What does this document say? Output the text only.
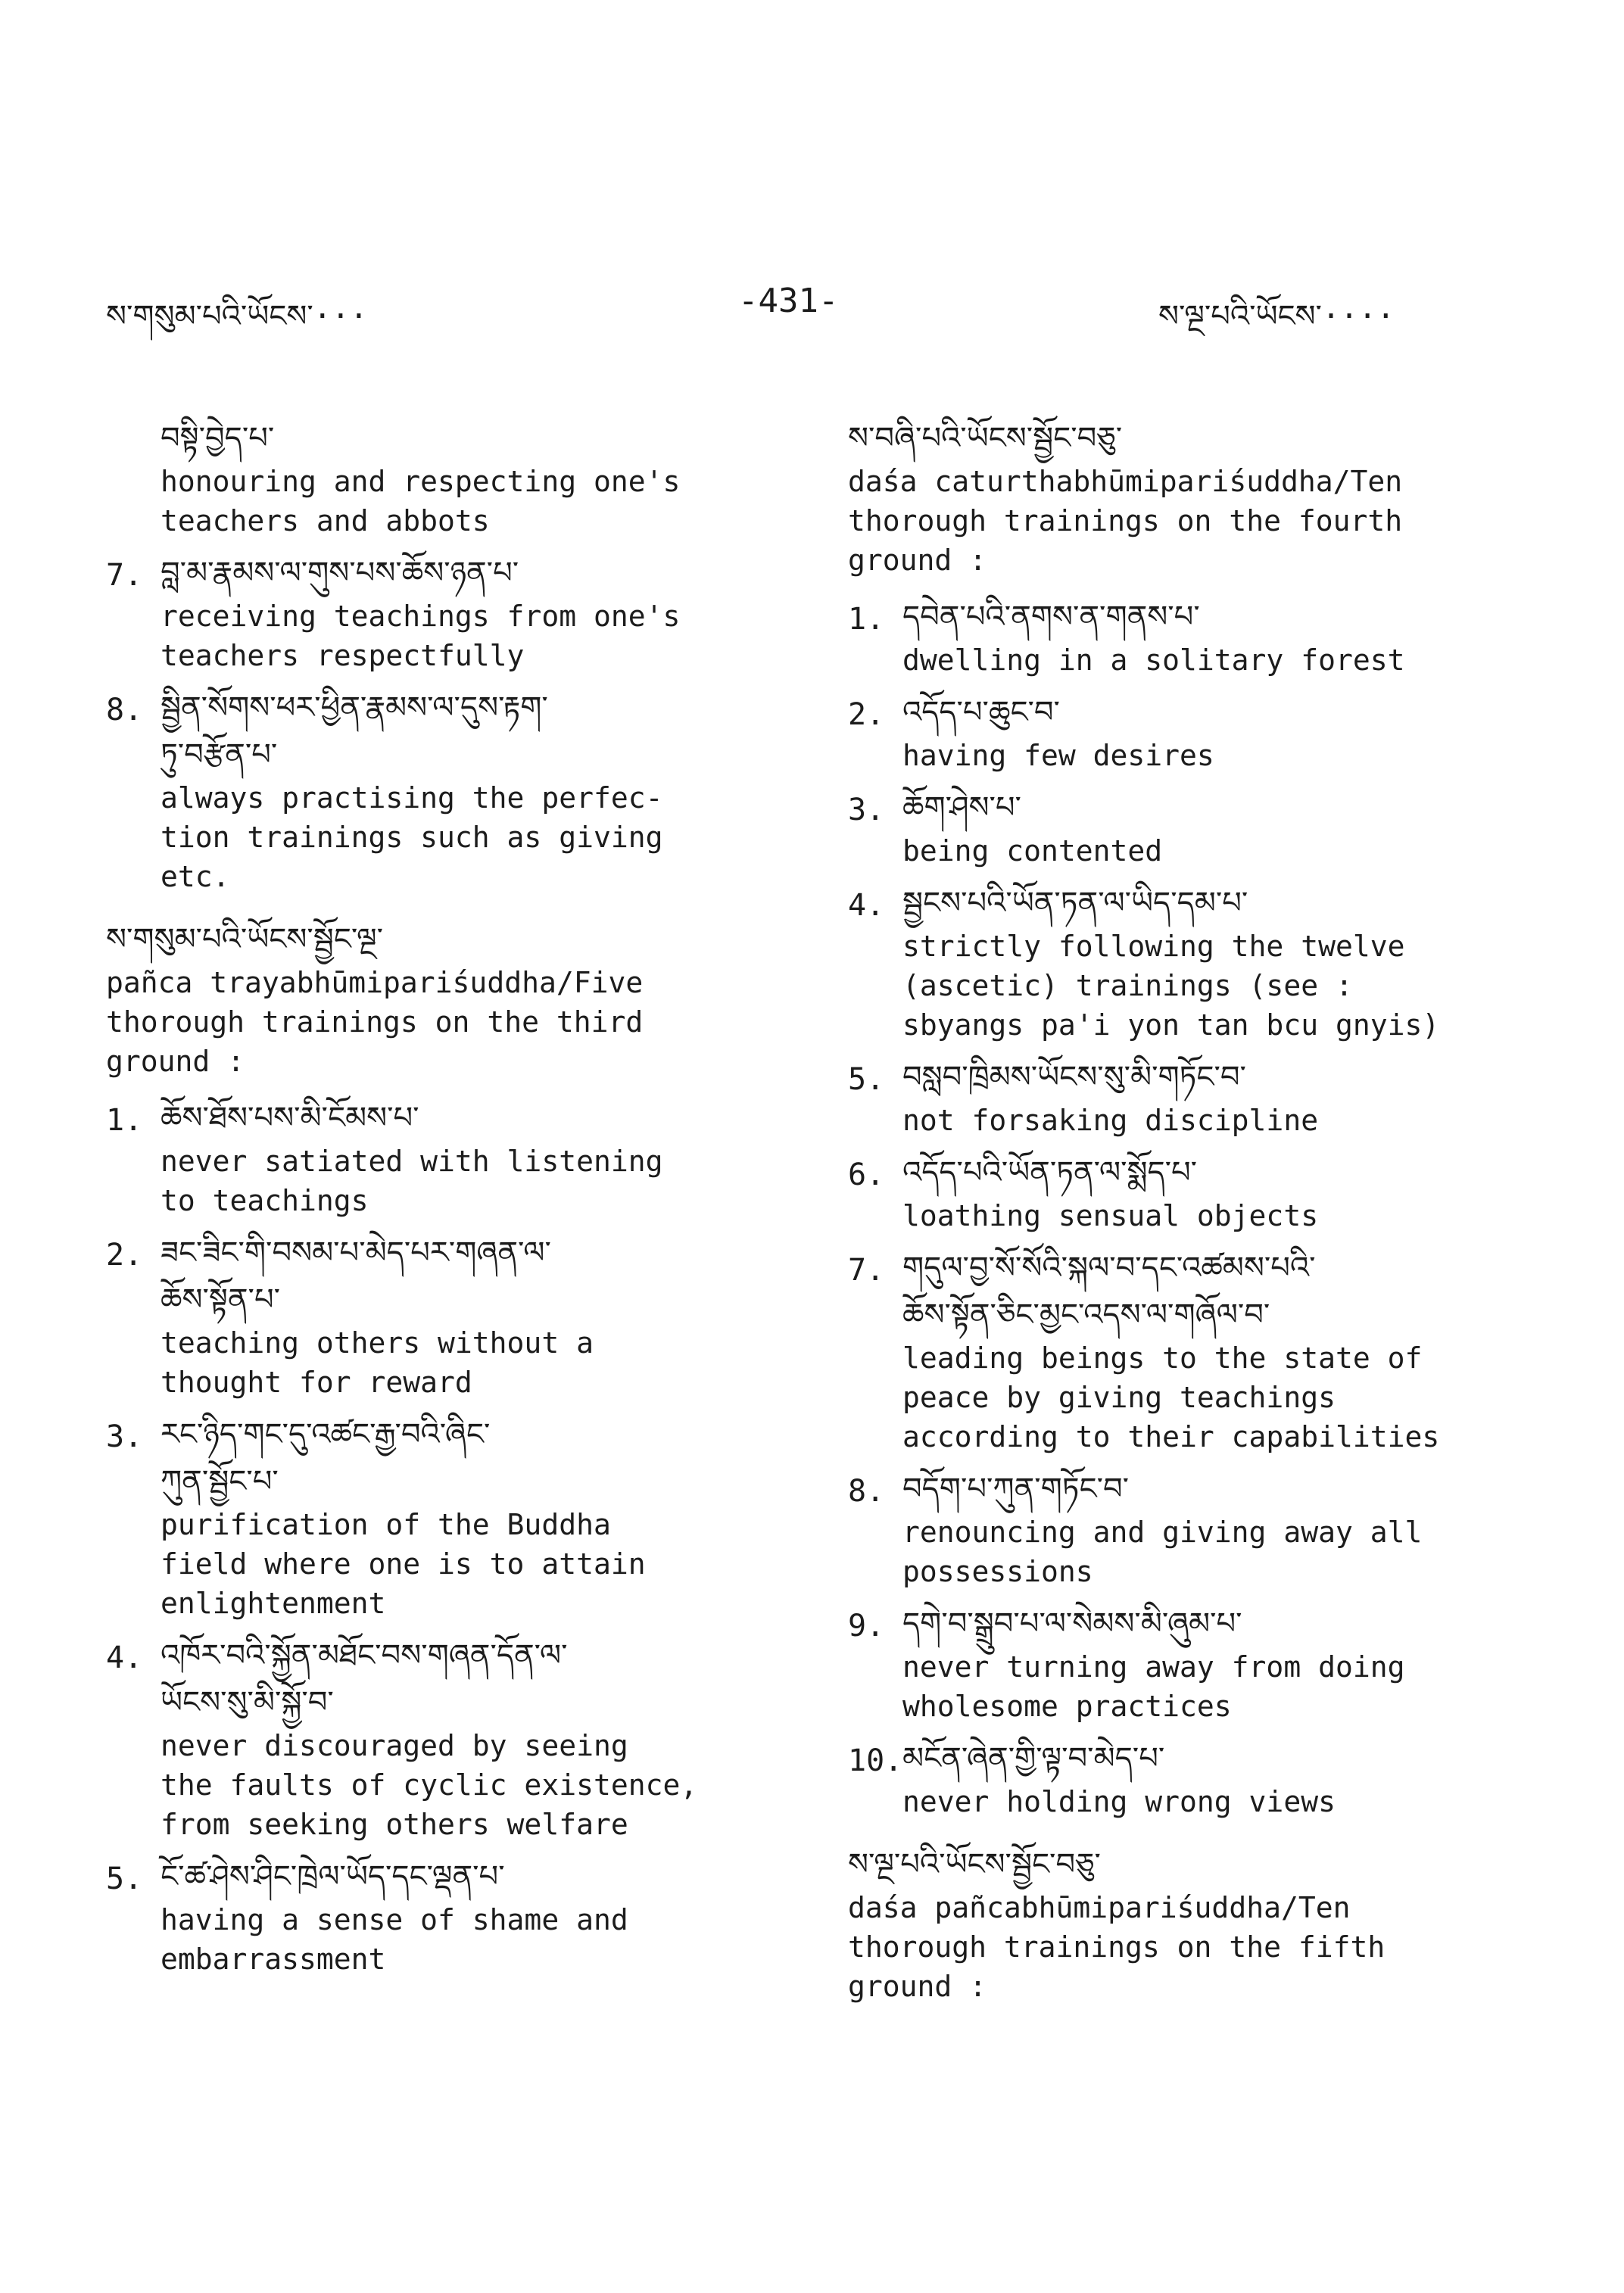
ས་གསུམ་པའི་ཡོངས་···	-431-	ས་ལྔ་པའི་ཡོངས་····
བསྟི་བྱེད་པ་
honouring and respecting one's
teachers and abbots
7. བླ་མ་རྣམས་ལ་གུས་པས་ཆོས་ཉན་པ་
receiving teachings from one's
teachers respectfully
8. སྦྱིན་སོགས་ཕར་ཕྱིན་རྣམས་ལ་དུས་རྟག་
ཏུ་བརྩོན་པ་
always practising the perfec-
tion trainings such as giving
etc.
ས་གསུམ་པའི་ཡོངས་སྦྱོང་ལྔ་
pañca trayabhūmipariśuddha/Five
thorough trainings on the third
ground :
1. ཆོས་ཐོས་པས་མི་ངོམས་པ་
never satiated with listening
to teachings
2. ཟང་ཟིང་གི་བསམ་པ་མེད་པར་གཞན་ལ་
ཆོས་སྟོན་པ་
teaching others without a
thought for reward
3. རང་ཉིད་གང་དུ་འཚང་རྒྱ་བའི་ཞིང་
ཀུན་སྦྱོང་པ་
purification of the Buddha
field where one is to attain
enlightenment
4. འཁོར་བའི་སྐྱོན་མཐོང་བས་གཞན་དོན་ལ་
ཡོངས་སུ་མི་སྐྱོ་བ་
never discouraged by seeing
the faults of cyclic existence,
from seeking others welfare
5. ངོ་ཚ་ཤེས་ཤིང་ཁྲེལ་ཡོད་དང་ལྡན་པ་
having a sense of shame and
embarrassment
ས་བཞི་པའི་ཡོངས་སྦྱོང་བཅུ་
daśa caturthabhūmipariśuddha/Ten
thorough trainings on the fourth
ground :
1. དབེན་པའི་ནགས་ན་གནས་པ་
dwelling in a solitary forest
2. འདོད་པ་ཆུང་བ་
having few desires
3. ཆོག་ཤེས་པ་
being contented
4. སྦྱངས་པའི་ཡོན་ཏན་ལ་ཡིད་དམ་པ་
strictly following the twelve
(ascetic) trainings (see :
sbyangs pa'i yon tan bcu gnyis)
5. བསླབ་ཁྲིམས་ཡོངས་སུ་མི་གཏོང་བ་
not forsaking discipline
6. འདོད་པའི་ཡོན་ཏན་ལ་སྨོད་པ་
loathing sensual objects
7. གདུལ་བྱ་སོ་སོའི་སྐལ་བ་དང་འཚམས་པའི་
ཆོས་སྟོན་ཅིང་མྱང་འདས་ལ་གཞོལ་བ་
leading beings to the state of
peace by giving teachings
according to their capabilities
8. བདོག་པ་ཀུན་གཏོང་བ་
renouncing and giving away all
possessions
9. དགེ་བ་སྒྲུབ་པ་ལ་སེམས་མི་ཞུམ་པ་
never turning away from doing
wholesome practices
10. མངོན་ཞེན་གྱི་ལྟ་བ་མེད་པ་
never holding wrong views
ས་ལྔ་པའི་ཡོངས་སྦྱོང་བཅུ་
daśa pañcabhūmipariśuddha/Ten
thorough trainings on the fifth
ground :
